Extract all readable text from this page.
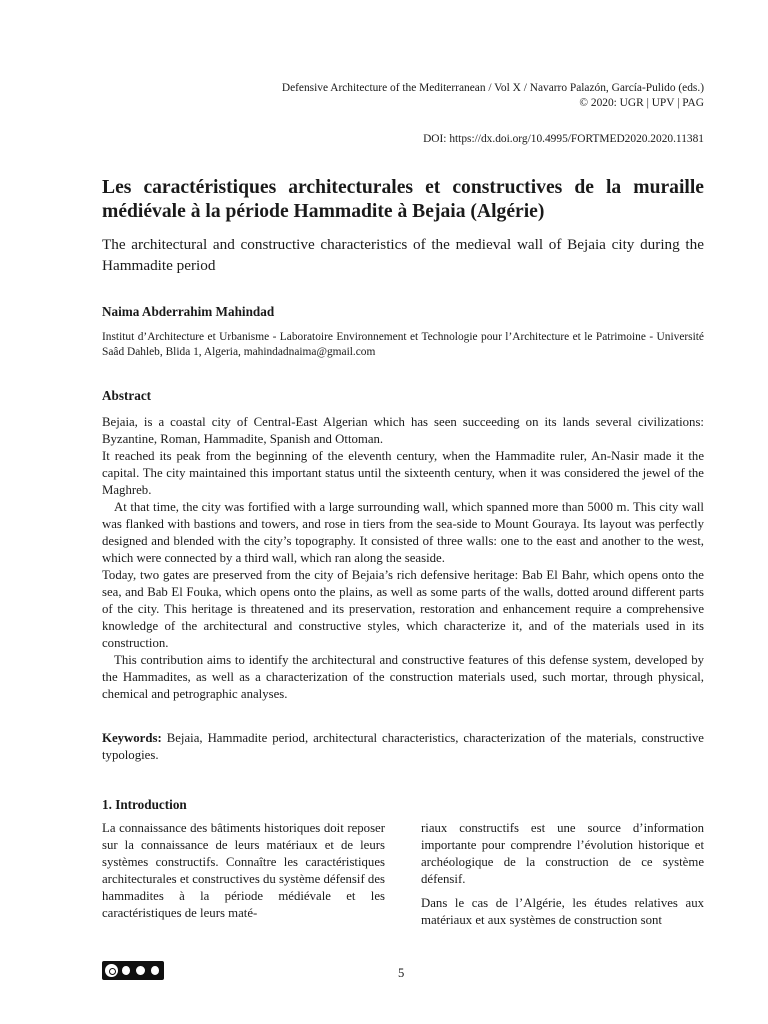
Defensive Architecture of the Mediterranean / Vol X / Navarro Palazón, García-Pulido (eds.)
© 2020: UGR | UPV | PAG
DOI: https://dx.doi.org/10.4995/FORTMED2020.2020.11381
Les caractéristiques architecturales et constructives de la muraille médiévale à la période Hammadite à Bejaia (Algérie)
The architectural and constructive characteristics of the medieval wall of Bejaia city during the Hammadite period
Naima Abderrahim Mahindad
Institut d’Architecture et Urbanisme - Laboratoire Environnement et Technologie pour l’Architecture et le Patrimoine - Université Saâd Dahleb, Blida 1, Algeria, mahindadnaima@gmail.com
Abstract

Bejaia, is a coastal city of Central-East Algerian which has seen succeeding on its lands several civilizations: Byzantine, Roman, Hammadite, Spanish and Ottoman.

It reached its peak from the beginning of the eleventh century, when the Hammadite ruler, An-Nasir made it the capital. The city maintained this important status until the sixteenth century, when it was considered the jewel of the Maghreb.

At that time, the city was fortified with a large surrounding wall, which spanned more than 5000 m. This city wall was flanked with bastions and towers, and rose in tiers from the sea-side to Mount Gouraya. Its layout was perfectly designed and blended with the city’s topography. It consisted of three walls: one to the east and another to the west, which were connected by a third wall, which ran along the seaside.

Today, two gates are preserved from the city of Bejaia’s rich defensive heritage: Bab El Bahr, which opens onto the sea, and Bab El Fouka, which opens onto the plains, as well as some parts of the walls, dotted around different parts of the city. This heritage is threatened and its preservation, restoration and enhancement require a comprehensive knowledge of the architectural and constructive styles, which characterize it, and of the materials used in its construction.

This contribution aims to identify the architectural and constructive features of this defense system, developed by the Hammadites, as well as a characterization of the construction materials used, such mortar, through physical, chemical and petrographic analyses.

Keywords: Bejaia, Hammadite period, architectural characteristics, characterization of the materials, constructive typologies.
1. Introduction

La connaissance des bâtiments historiques doit reposer sur la connaissance de leurs matériaux et de leurs systèmes constructifs. Connaître les caractéristiques architecturales et constructives du système défensif des hammadites à la période médiévale et les caractéristiques de leurs maté-

riaux constructifs est une source d’information importante pour comprendre l’évolution historique et archéologique de la construction de ce système défensif.

Dans le cas de l’Algérie, les études relatives aux matériaux et aux systèmes de construction sont

5
